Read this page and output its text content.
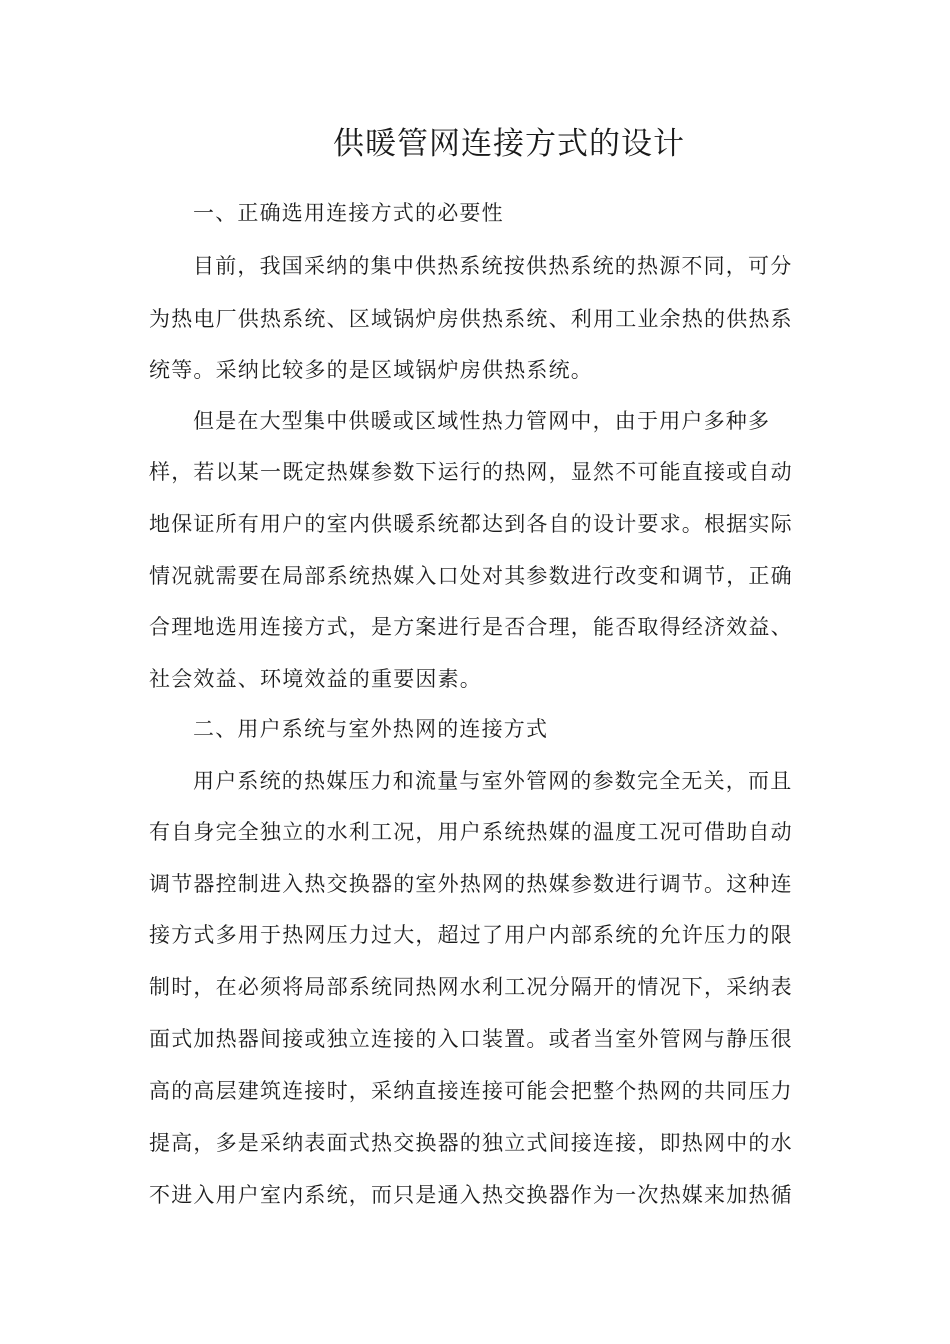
供暖管网连接方式的设计
一、正确选用连接方式的必要性
目前，我国采纳的集中供热系统按供热系统的热源不同，可分
为热电厂供热系统、区域锅炉房供热系统、利用工业余热的供热系
统等。采纳比较多的是区域锅炉房供热系统。
但是在大型集中供暖或区域性热力管网中，由于用户多种多
样，若以某一既定热媒参数下运行的热网，显然不可能直接或自动
地保证所有用户的室内供暖系统都达到各自的设计要求。根据实际
情况就需要在局部系统热媒入口处对其参数进行改变和调节，正确
合理地选用连接方式，是方案进行是否合理，能否取得经济效益、
社会效益、环境效益的重要因素。
二、用户系统与室外热网的连接方式
用户系统的热媒压力和流量与室外管网的参数完全无关，而且
有自身完全独立的水利工况，用户系统热媒的温度工况可借助自动
调节器控制进入热交换器的室外热网的热媒参数进行调节。这种连
接方式多用于热网压力过大，超过了用户内部系统的允许压力的限
制时，在必须将局部系统同热网水利工况分隔开的情况下，采纳表
面式加热器间接或独立连接的入口装置。或者当室外管网与静压很
高的高层建筑连接时，采纳直接连接可能会把整个热网的共同压力
提高，多是采纳表面式热交换器的独立式间接连接，即热网中的水
不进入用户室内系统，而只是通入热交换器作为一次热媒来加热循
